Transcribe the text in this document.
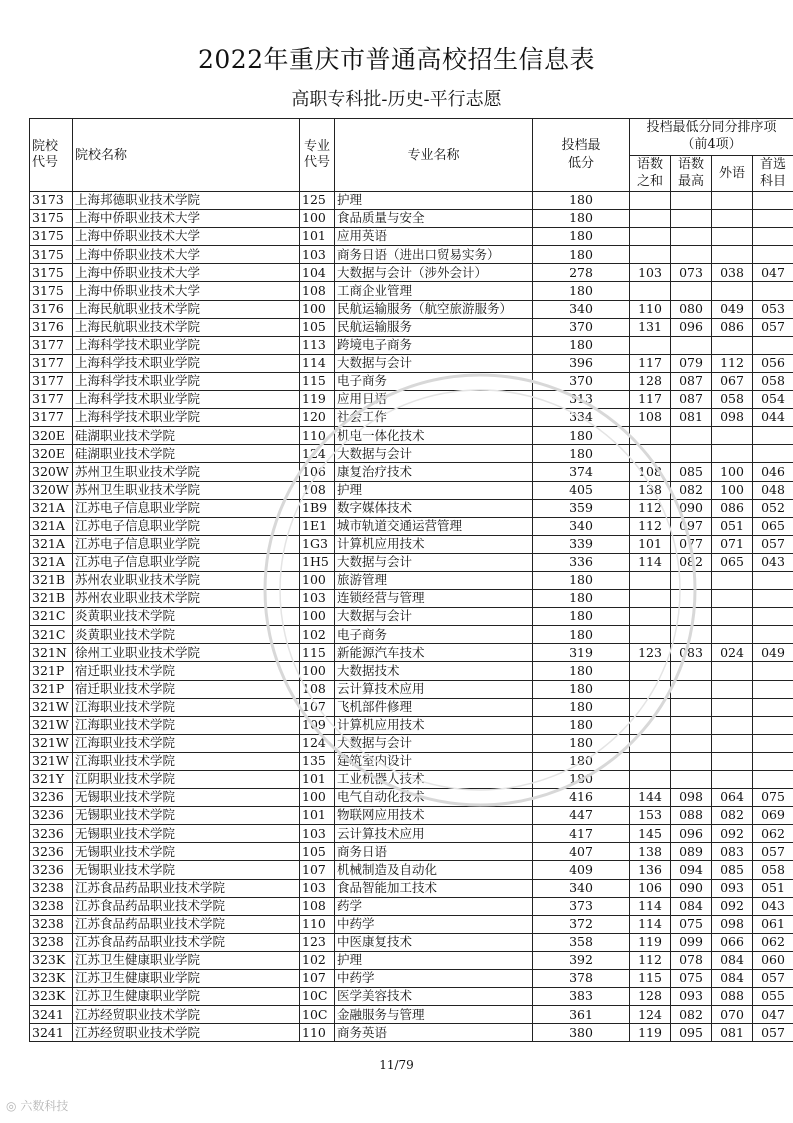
2022年重庆市普通高校招生信息表
高职专科批-历史-平行志愿
院校代号	院校名称	专业代号	专业名称	投档最低分	投档最低分同分排序项（前4项）			
					语数之和	语数最高	外语	首选科目
3173	上海邦德职业技术学院	125	护理	180				
3175	上海中侨职业技术大学	100	食品质量与安全	180				
3175	上海中侨职业技术大学	101	应用英语	180				
3175	上海中侨职业技术大学	103	商务日语（进出口贸易实务）	180				
3175	上海中侨职业技术大学	104	大数据与会计（涉外会计）	278	103	073	038	047
3175	上海中侨职业技术大学	108	工商企业管理	180				
3176	上海民航职业技术学院	100	民航运输服务（航空旅游服务）	340	110	080	049	053
3176	上海民航职业技术学院	105	民航运输服务	370	131	096	086	057
3177	上海科学技术职业学院	113	跨境电子商务	180				
3177	上海科学技术职业学院	114	大数据与会计	396	117	079	112	056
3177	上海科学技术职业学院	115	电子商务	370	128	087	067	058
3177	上海科学技术职业学院	119	应用日语	313	117	087	058	054
3177	上海科学技术职业学院	120	社会工作	334	108	081	098	044
320E	硅湖职业技术学院	110	机电一体化技术	180				
320E	硅湖职业技术学院	124	大数据与会计	180				
320W	苏州卫生职业技术学院	106	康复治疗技术	374	108	085	100	046
320W	苏州卫生职业技术学院	108	护理	405	138	082	100	048
321A	江苏电子信息职业学院	1B9	数字媒体技术	359	112	090	086	052
321A	江苏电子信息职业学院	1E1	城市轨道交通运营管理	340	112	097	051	065
321A	江苏电子信息职业学院	1G3	计算机应用技术	339	101	077	071	057
321A	江苏电子信息职业学院	1H5	大数据与会计	336	114	082	065	043
321B	苏州农业职业技术学院	100	旅游管理	180				
321B	苏州农业职业技术学院	103	连锁经营与管理	180				
321C	炎黄职业技术学院	100	大数据与会计	180				
321C	炎黄职业技术学院	102	电子商务	180				
321N	徐州工业职业技术学院	115	新能源汽车技术	319	123	083	024	049
321P	宿迁职业技术学院	100	大数据技术	180				
321P	宿迁职业技术学院	108	云计算技术应用	180				
321W	江海职业技术学院	107	飞机部件修理	180				
321W	江海职业技术学院	109	计算机应用技术	180				
321W	江海职业技术学院	124	大数据与会计	180				
321W	江海职业技术学院	135	建筑室内设计	180				
321Y	江阴职业技术学院	101	工业机器人技术	180				
3236	无锡职业技术学院	100	电气自动化技术	416	144	098	064	075
3236	无锡职业技术学院	101	物联网应用技术	447	153	088	082	069
3236	无锡职业技术学院	103	云计算技术应用	417	145	096	092	062
3236	无锡职业技术学院	105	商务日语	407	138	089	083	057
3236	无锡职业技术学院	107	机械制造及自动化	409	136	094	085	058
3238	江苏食品药品职业技术学院	103	食品智能加工技术	340	106	090	093	051
3238	江苏食品药品职业技术学院	108	药学	373	114	084	092	043
3238	江苏食品药品职业技术学院	110	中药学	372	114	075	098	061
3238	江苏食品药品职业技术学院	123	中医康复技术	358	119	099	066	062
323K	江苏卫生健康职业学院	102	护理	392	112	078	084	060
323K	江苏卫生健康职业学院	107	中药学	378	115	075	084	057
323K	江苏卫生健康职业学院	10C	医学美容技术	383	128	093	088	055
3241	江苏经贸职业技术学院	10C	金融服务与管理	361	124	082	070	047
3241	江苏经贸职业技术学院	110	商务英语	380	119	095	081	057
11/79
◎ 六数科技
